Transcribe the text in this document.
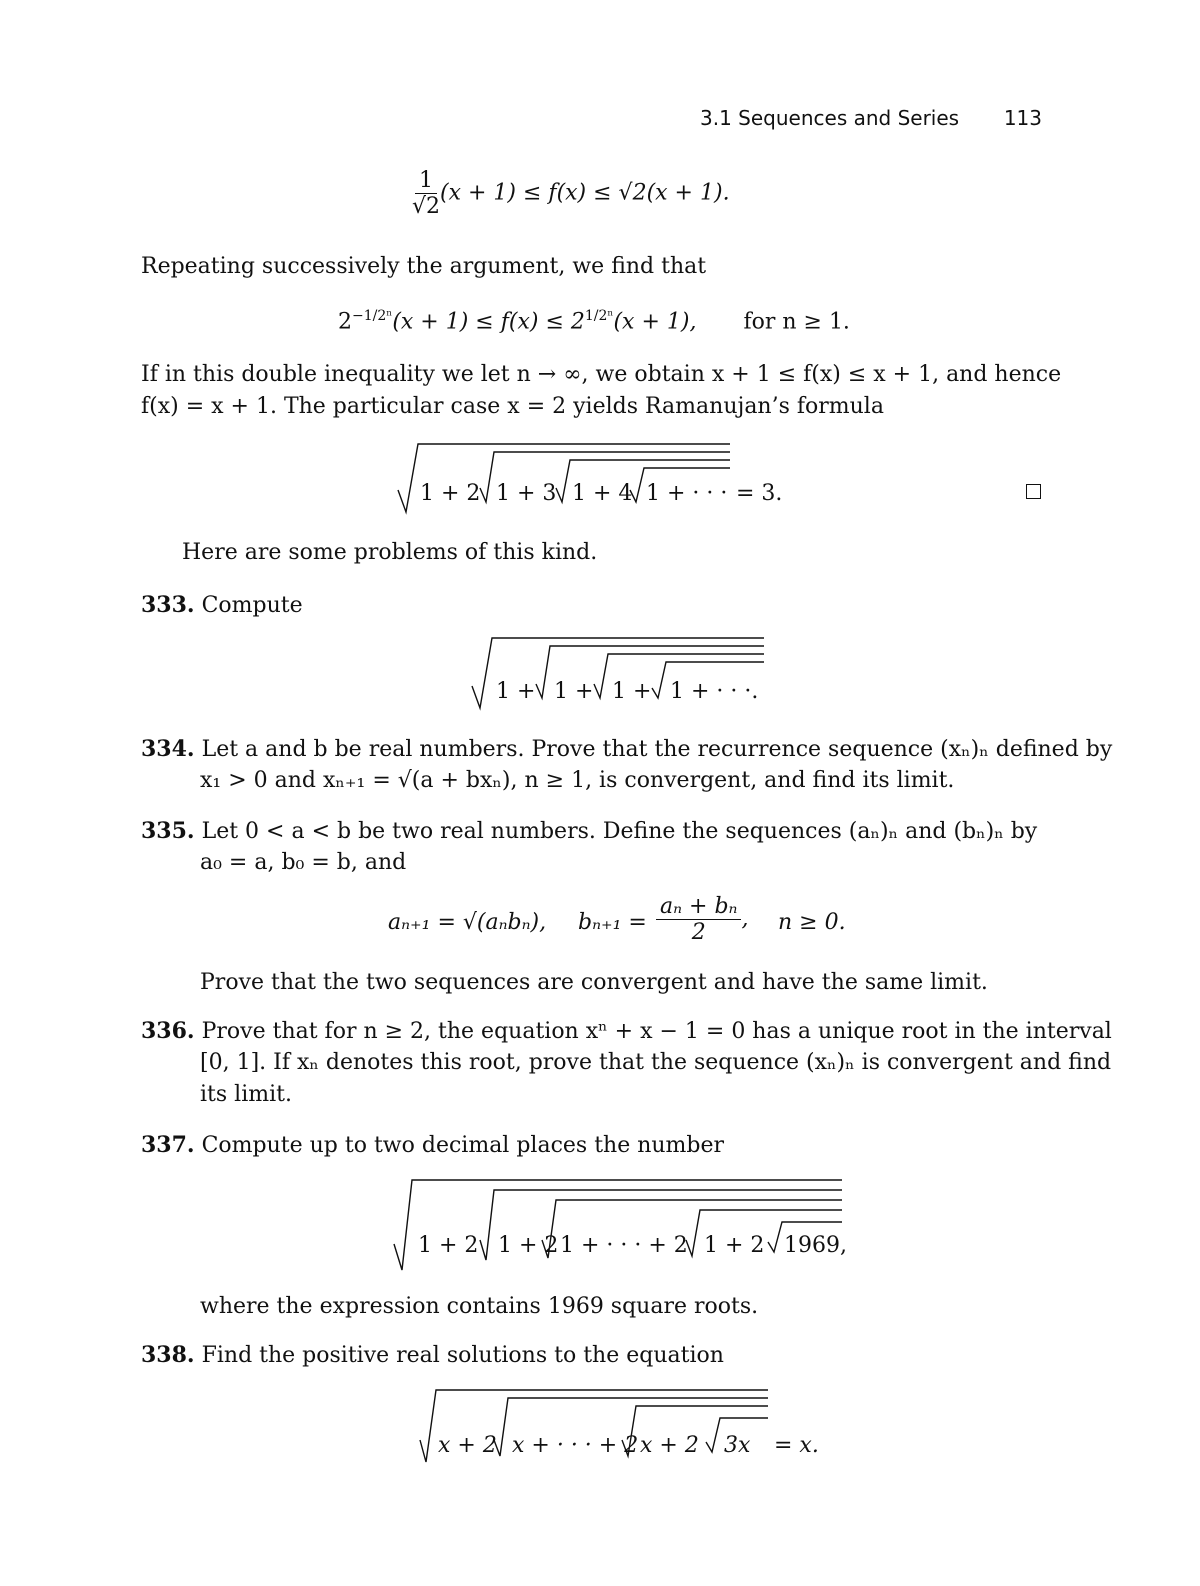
3.1 Sequences and Series 113
$\frac{1}{√2} (x + 1) \le f(x) \le √2(x + 1)$.
Repeating successively the argument, we find that
$2^{-1/2^n}(x + 1) \le f(x) \le 2^{1/2^n}(x + 1)$, for n ≥ 1.
If in this double inequality we let n → ∞, we obtain x + 1 ≤ f(x) ≤ x + 1, and hence
f(x) = x + 1. The particular case x = 2 yields Ramanujan’s formula
1 + 2 1 + 3 1 + 4 1 + · · · = 3.
Here are some problems of this kind.
333. Compute
1 + 1 + 1 + 1 + · · ·.
334. Let a and b be real numbers. Prove that the recurrence sequence (xₙ)ₙ defined by
x₁ > 0 and xₙ₊₁ = √(a + bxₙ), n ≥ 1, is convergent, and find its limit.
335. Let 0 < a < b be two real numbers. Define the sequences (aₙ)ₙ and (bₙ)ₙ by
a₀ = a, b₀ = b, and
aₙ₊₁ = √(aₙbₙ), $b_{n+1} = \frac{\text{aₙ + bₙ}}{2}$ , n ≥ 0.
Prove that the two sequences are convergent and have the same limit.
336. Prove that for n ≥ 2, the equation xⁿ + x − 1 = 0 has a unique root in the interval
[0, 1]. If xₙ denotes this root, prove that the sequence (xₙ)ₙ is convergent and find
its limit.
337. Compute up to two decimal places the number
1 + 2 1 + 2 1 + · · · + 2 1 + 2 1969,
where the expression contains 1969 square roots.
338. Find the positive real solutions to the equation
x + 2 x + · · · + 2 x + 2 3x = x.
